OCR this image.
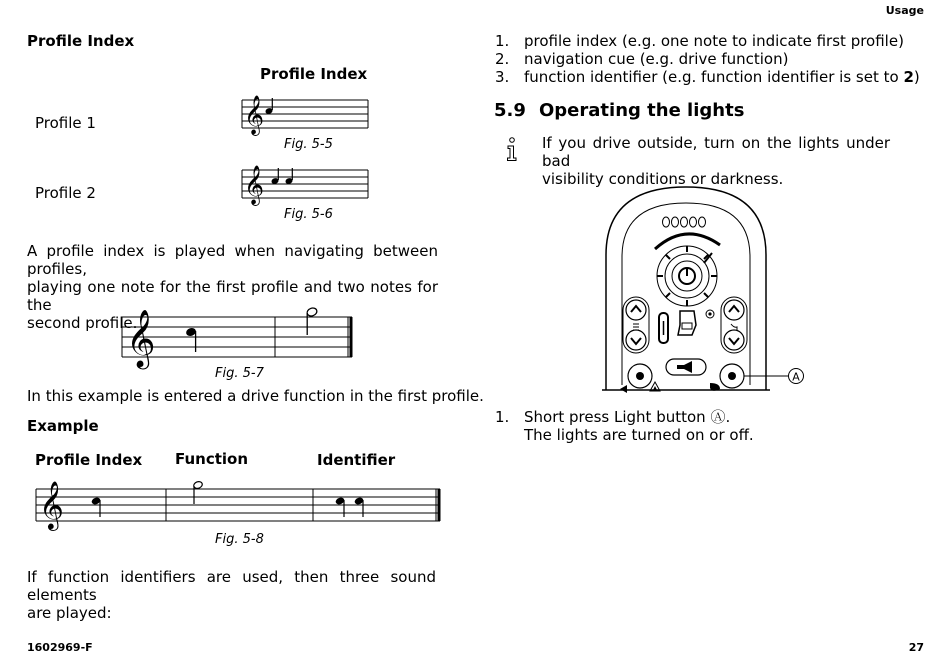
Usage
1602969-F	27
Profile Index
Profile Index
Profile 1
Profile 2
𝄞
Fig. 5-5
𝄞
Fig. 5-6
A profile index is played when navigating between profiles,
playing one note for the first profile and two notes for the
second profile.
𝄞
Fig. 5-7
In this example is entered a drive function in the first profile.
Example
Profile Index Function	Identifier
𝄞
Fig. 5-8
If function identifiers are used, then three sound elements
are played:
1. profile index (e.g. one note to indicate first profile)
2. navigation cue (e.g. drive function)
3. function identifier (e.g. function identifier is set to 2)
5.9 Operating the lights
If you drive outside, turn on the lights under bad
visibility conditions or darkness.
A
1. Short press Light button Ⓐ.
The lights are turned on or off.
